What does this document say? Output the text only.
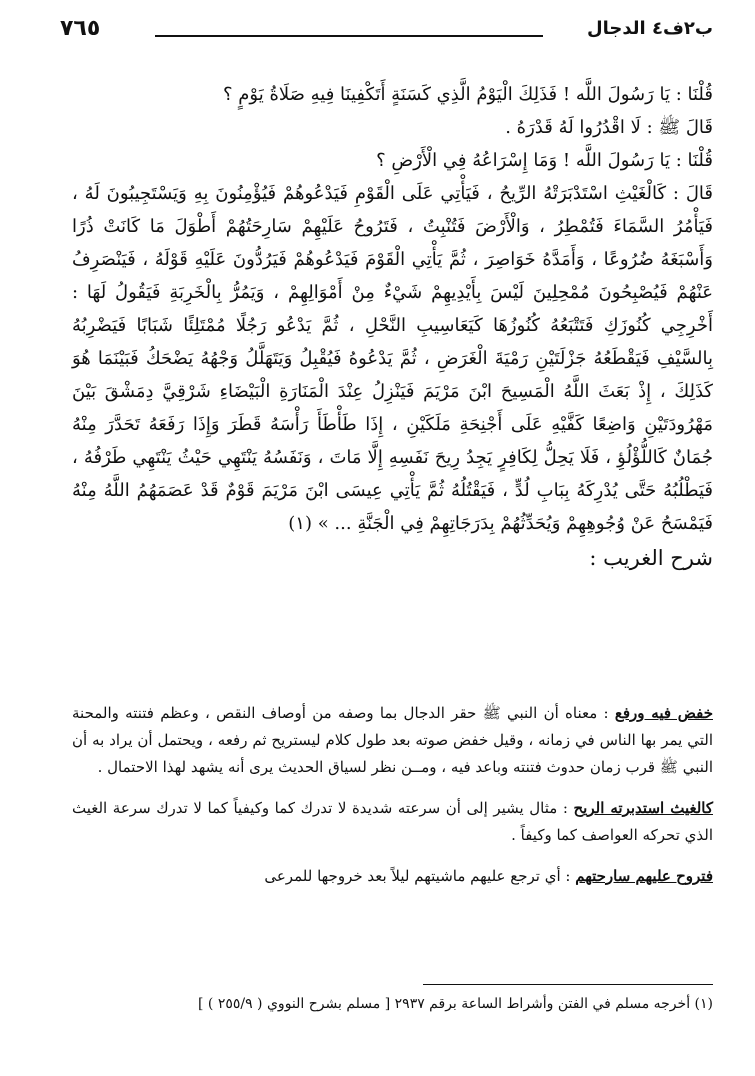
ب٢ف٤ الدجال
٧٦٥

قُلْنَا : يَا رَسُولَ اللَّه ! فَذَلِكَ الْيَوْمُ الَّذِي كَسَنَةٍ أَتَكْفِينَا فِيهِ صَلَاةُ يَوْمٍ ؟

قَالَ ﷺ : لَا اقْدُرُوا لَهُ قَدْرَهُ .

قُلْنَا : يَا رَسُولَ اللَّه ! وَمَا إِسْرَاعُهُ فِي الْأَرْضِ ؟

قَالَ : كَالْغَيْثِ اسْتَدْبَرَتْهُ الرِّيحُ ، فَيَأْتِي عَلَى الْقَوْمِ فَيَدْعُوهُمْ فَيُؤْمِنُونَ بِهِ وَيَسْتَجِيبُونَ لَهُ ، فَيَأْمُرُ السَّمَاءَ فَتُمْطِرُ ، وَالْأَرْضَ فَتُنْبِتُ ، فَتَرُوحُ عَلَيْهِمْ سَارِحَتُهُمْ أَطْوَلَ مَا كَانَتْ ذُرًا وَأَسْبَغَهُ ضُرُوعًا ، وَأَمَدَّهُ خَوَاصِرَ ، ثُمَّ يَأْتِي الْقَوْمَ فَيَدْعُوهُمْ فَيَرُدُّونَ عَلَيْهِ قَوْلَهُ ، فَيَنْصَرِفُ عَنْهُمْ فَيُصْبِحُونَ مُمْحِلِينَ لَيْسَ بِأَيْدِيهِمْ شَيْءٌ مِنْ أَمْوَالِهِمْ ، وَيَمُرُّ بِالْخَرِبَةِ فَيَقُولُ لَهَا : أَخْرِجِي كُنُوزَكِ فَتَتْبَعُهُ كُنُوزُهَا كَيَعَاسِيبِ النَّحْلِ ، ثُمَّ يَدْعُو رَجُلًا مُمْتَلِئًا شَبَابًا فَيَضْرِبُهُ بِالسَّيْفِ فَيَقْطَعُهُ جَزْلَتَيْنِ رَمْيَةَ الْغَرَضِ ، ثُمَّ يَدْعُوهُ فَيُقْبِلُ وَيَتَهَلَّلُ وَجْهُهُ يَضْحَكُ فَبَيْنَمَا هُوَ كَذَلِكَ ، إِذْ بَعَثَ اللَّهُ الْمَسِيحَ ابْنَ مَرْيَمَ فَيَنْزِلُ عِنْدَ الْمَنَارَةِ الْبَيْضَاءِ شَرْقِيَّ دِمَشْقَ بَيْنَ مَهْرُودَتَيْنِ وَاضِعًا كَفَّيْهِ عَلَى أَجْنِحَةِ مَلَكَيْنِ ، إِذَا طَأْطَأَ رَأْسَهُ قَطَرَ وَإِذَا رَفَعَهُ تَحَدَّرَ مِنْهُ جُمَانٌ كَاللُّؤْلُؤِ ، فَلَا يَحِلُّ لِكَافِرٍ يَجِدُ رِيحَ نَفَسِهِ إِلَّا مَاتَ ، وَنَفَسُهُ يَنْتَهِي حَيْثُ يَنْتَهِي طَرْفُهُ ، فَيَطْلُبُهُ حَتَّى يُدْرِكَهُ بِبَابِ لُدٍّ ، فَيَقْتُلُهُ ثُمَّ يَأْتِي عِيسَى ابْنَ مَرْيَمَ قَوْمٌ قَدْ عَصَمَهُمُ اللَّهُ مِنْهُ فَيَمْسَحُ عَنْ وُجُوهِهِمْ وَيُحَدِّثُهُمْ بِدَرَجَاتِهِمْ فِي الْجَنَّةِ ... » (١)

شرح الغريب :

خفض فيه ورفع : معناه أن النبي ﷺ حقر الدجال بما وصفه من أوصاف النقص ، وعظم فتنته والمحنة التي يمر بها الناس في زمانه ، وقيل خفض صوته بعد طول كلام ليستريح ثم رفعه ، ويحتمل أن يراد به أن النبي ﷺ قرب زمان حدوث فتنته وباعد فيه ، ومــن نظر لسياق الحديث يرى أنه يشهد لهذا الاحتمال .

كالغيث استدبرته الريح : مثال يشير إلى أن سرعته شديدة لا تدرك كما وكيفياً كما لا تدرك سرعة الغيث الذي تحركه العواصف كما وكيفاً .

فتروح عليهم سارحتهم : أي ترجع عليهم ماشيتهم ليلاً بعد خروجها للمرعى

(١) أخرجه مسلم في الفتن وأشراط الساعة برقم ٢٩٣٧ [ مسلم بشرح النووي ( ٢٥٥/٩ ) ]
